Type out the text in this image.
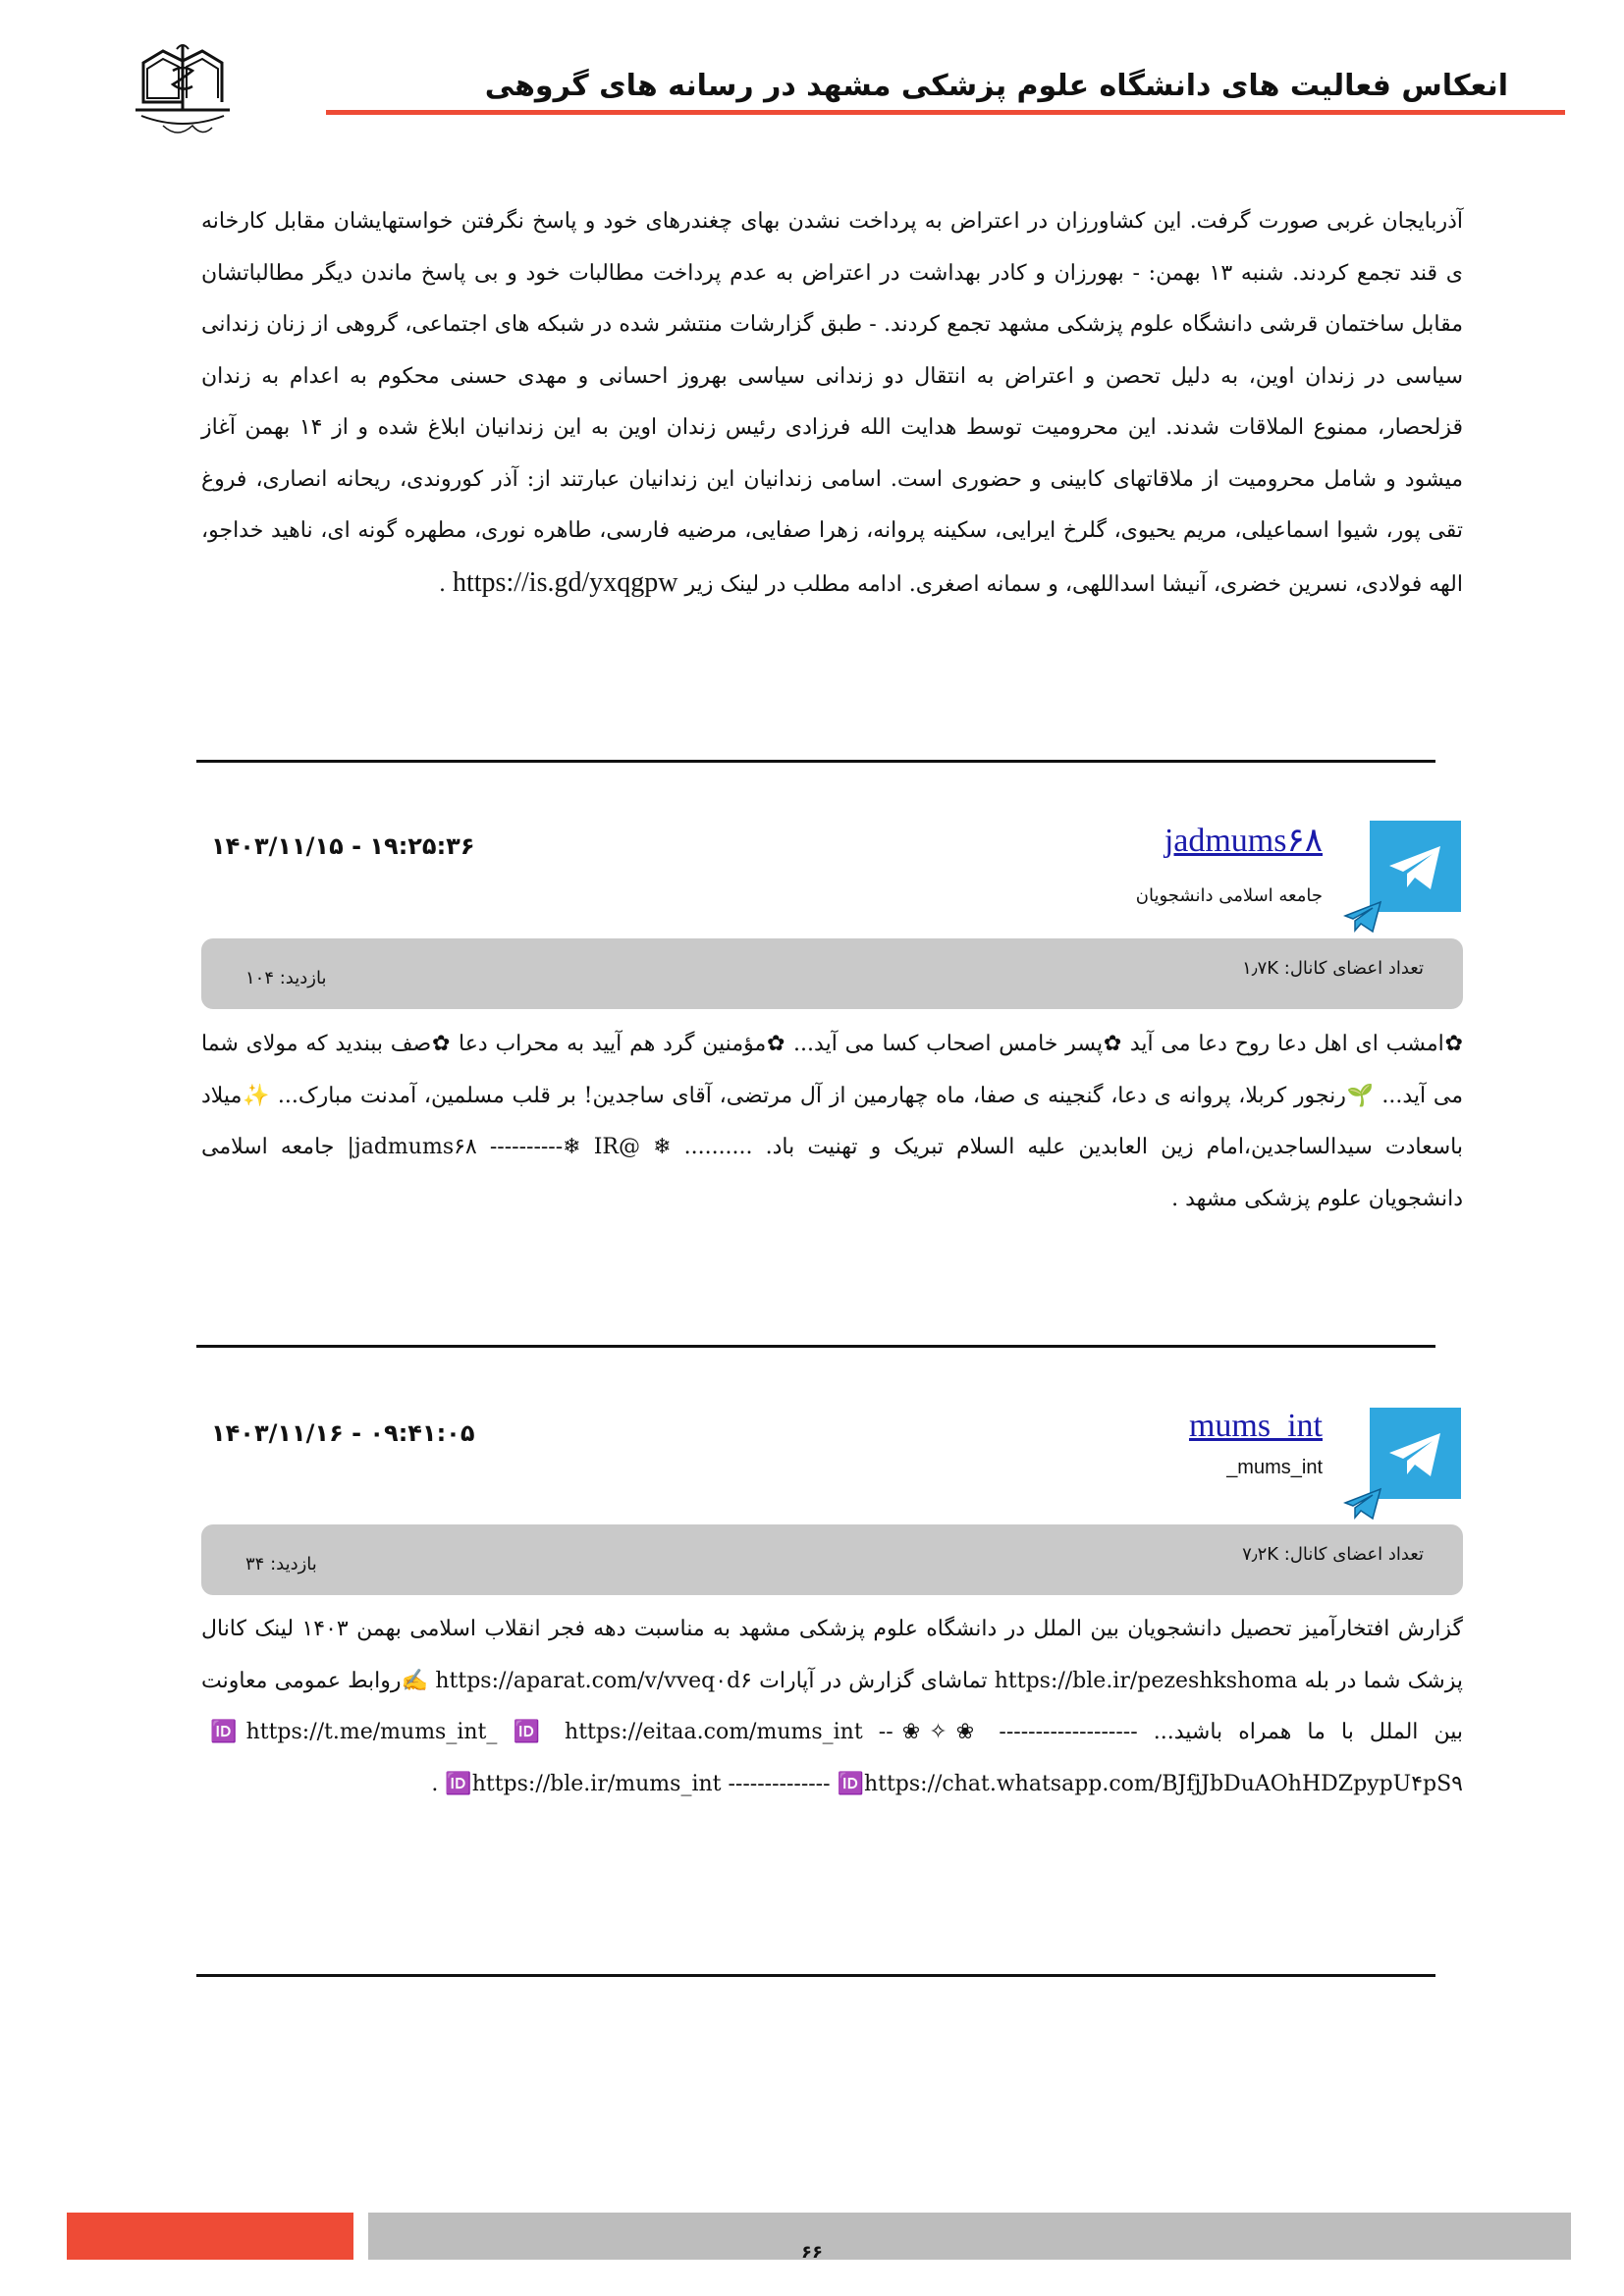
انعکاس فعالیت های دانشگاه علوم پزشکی مشهد در رسانه های گروهی

آذربایجان غربی صورت گرفت. این کشاورزان در اعتراض به پرداخت نشدن بهای چغندرهای خود و پاسخ نگرفتن خواستهایشان مقابل کارخانه ی قند تجمع کردند. شنبه ۱۳ بهمن: - بهورزان و کادر بهداشت در اعتراض به عدم پرداخت مطالبات خود و بی پاسخ ماندن دیگر مطالباتشان مقابل ساختمان قرشی دانشگاه علوم پزشکی مشهد تجمع کردند. - طبق گزارشات منتشر شده در شبکه های اجتماعی، گروهی از زنان زندانی سیاسی در زندان اوین، به دلیل تحصن و اعتراض به انتقال دو زندانی سیاسی بهروز احسانی و مهدی حسنی محکوم به اعدام به زندان قزلحصار، ممنوع الملاقات شدند. این محرومیت توسط هدایت الله فرزادی رئیس زندان اوین به این زندانیان ابلاغ شده و از ۱۴ بهمن آغاز میشود و شامل محرومیت از ملاقاتهای کابینی و حضوری است. اسامی زندانیان این زندانیان عبارتند از: آذر کوروندی، ریحانه انصاری، فروغ تقی پور، شیوا اسماعیلی، مریم یحیوی، گلرخ ایرایی، سکینه پروانه، زهرا صفایی، مرضیه فارسی، طاهره نوری، مطهره گونه ای، ناهید خداجو، الهه فولادی، نسرین خضری، آنیشا اسداللهی، و سمانه اصغری. ادامه مطلب در لینک زیر https://is.gd/yxqgpw .

jadmums۶۸
جامعه اسلامی دانشجویان
۱۴۰۳/۱۱/۱۵ - ۱۹:۲۵:۳۶
تعداد اعضای کانال: ۱٫۷K
بازدید: ۱۰۴

✿امشب ای اهل دعا روح دعا می آید ✿پسر خامس اصحاب کسا می آید... ✿مؤمنین گرد هم آیید به محراب دعا ✿صف ببندید که مولای شما می آید... 🌱رنجور کربلا، پروانه ی دعا، گنجینه ی صفا، ماه چهارمین از آل مرتضی، آقای ساجدین! بر قلب مسلمین، آمدنت مبارک... ✨میلاد باسعادت سیدالساجدین،امام زین العابدین علیه السلام تبریک و تهنیت باد. .......... ❄ @jadmums۶۸ ----------❄ IR| جامعه اسلامی دانشجویان علوم پزشکی مشهد .

mums_int
_mums_int
۱۴۰۳/۱۱/۱۶ - ۰۹:۴۱:۰۵
تعداد اعضای کانال: ۷٫۲K
بازدید: ۳۴

گزارش افتخارآمیز تحصیل دانشجویان بین الملل در دانشگاه علوم پزشکی مشهد به مناسبت دهه فجر انقلاب اسلامی بهمن ۱۴۰۳ لینک کانال پزشک شما در بله https://ble.ir/pezeshkshoma تماشای گزارش در آپارات https://aparat.com/v/vveq۰d۶ ✍روابط عمومی معاونت بین الملل با ما همراه باشید... ------------------- ❀✧❀-- 🆔https://t.me/mums_int_ 🆔 https://eitaa.com/mums_int 🆔https://ble.ir/mums_int -------------- 🆔https://chat.whatsapp.com/BJfjJbDuAOhHDZpypU۴pS۹ .

۶۶
